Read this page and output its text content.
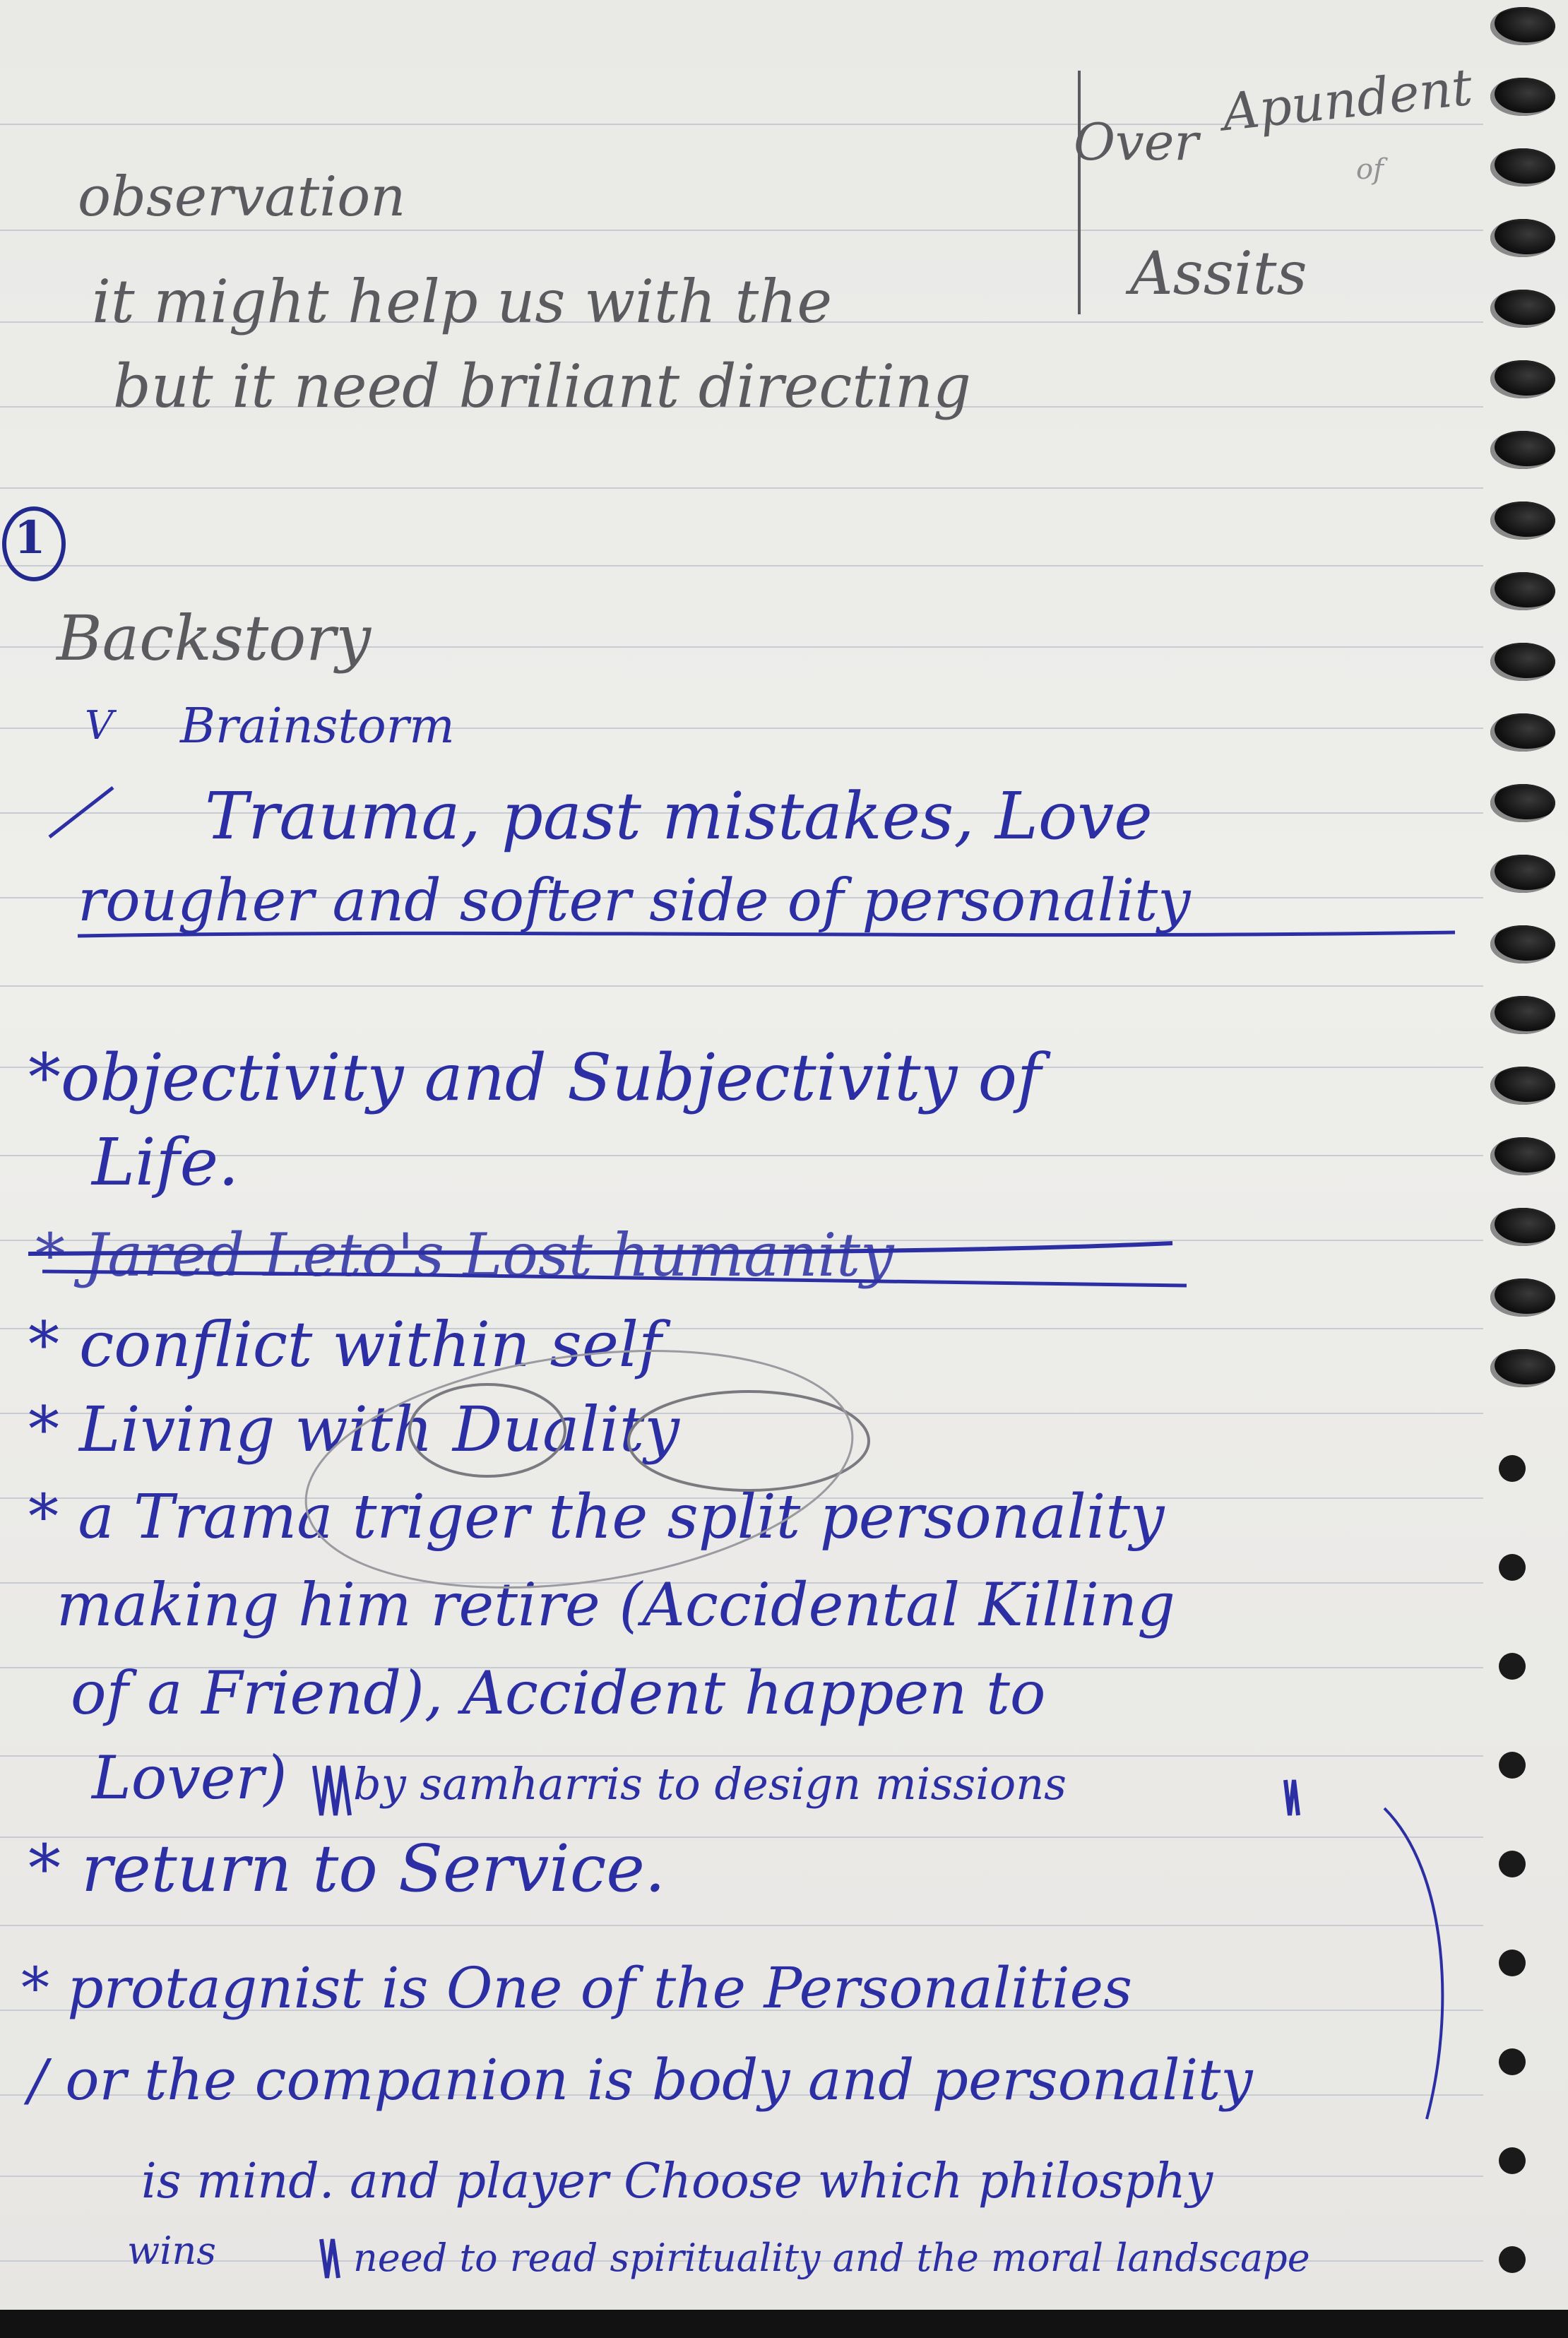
Over Apundent
of
observation
it might help us with the	Assits
but it need briliant directing
1
Backstory
V Brainstorm
Trauma, past mistakes, Love
rougher and softer side of personality
*objectivity and Subjectivity of
Life.
* Jared Leto's Lost humanity
* conflict within self
* Living with Duality
* a Trama triger the split personality
making him retire (Accidental Killing
of a Friend), Accident happen to
Lover) by samharris to design missions
* return to Service.
* protagnist is One of the Personalities
/ or the companion is body and personality
is mind. and player Choose which philosphy
wins	need to read spirituality and the moral landscape
